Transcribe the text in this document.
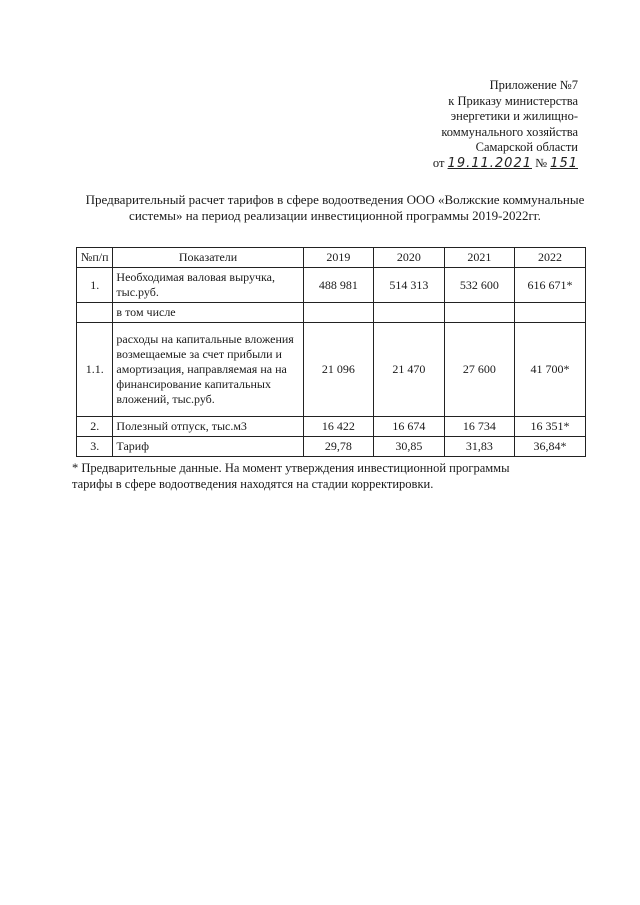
Приложение №7
к Приказу министерства
энергетики и жилищно-
коммунального хозяйства
Самарской области
от 19.11.2021 № 151
Предварительный расчет тарифов в сфере водоотведения ООО «Волжские коммунальные
системы» на период реализации инвестиционной программы 2019-2022гг.
№п/п	Показатели	2019	2020	2021	2022
1.	Необходимая валовая выручка, тыс.руб.	488 981	514 313	532 600	616 671*
	в том числе				
1.1.	расходы на капитальные вложения возмещаемые за счет прибыли и амортизация, направляемая на на финансирование капитальных вложений, тыс.руб.	21 096	21 470	27 600	41 700*
2.	Полезный отпуск, тыс.м3	16 422	16 674	16 734	16 351*
3.	Тариф	29,78	30,85	31,83	36,84*
* Предварительные данные. На момент утверждения инвестиционной программы
тарифы в сфере водоотведения находятся на стадии корректировки.
